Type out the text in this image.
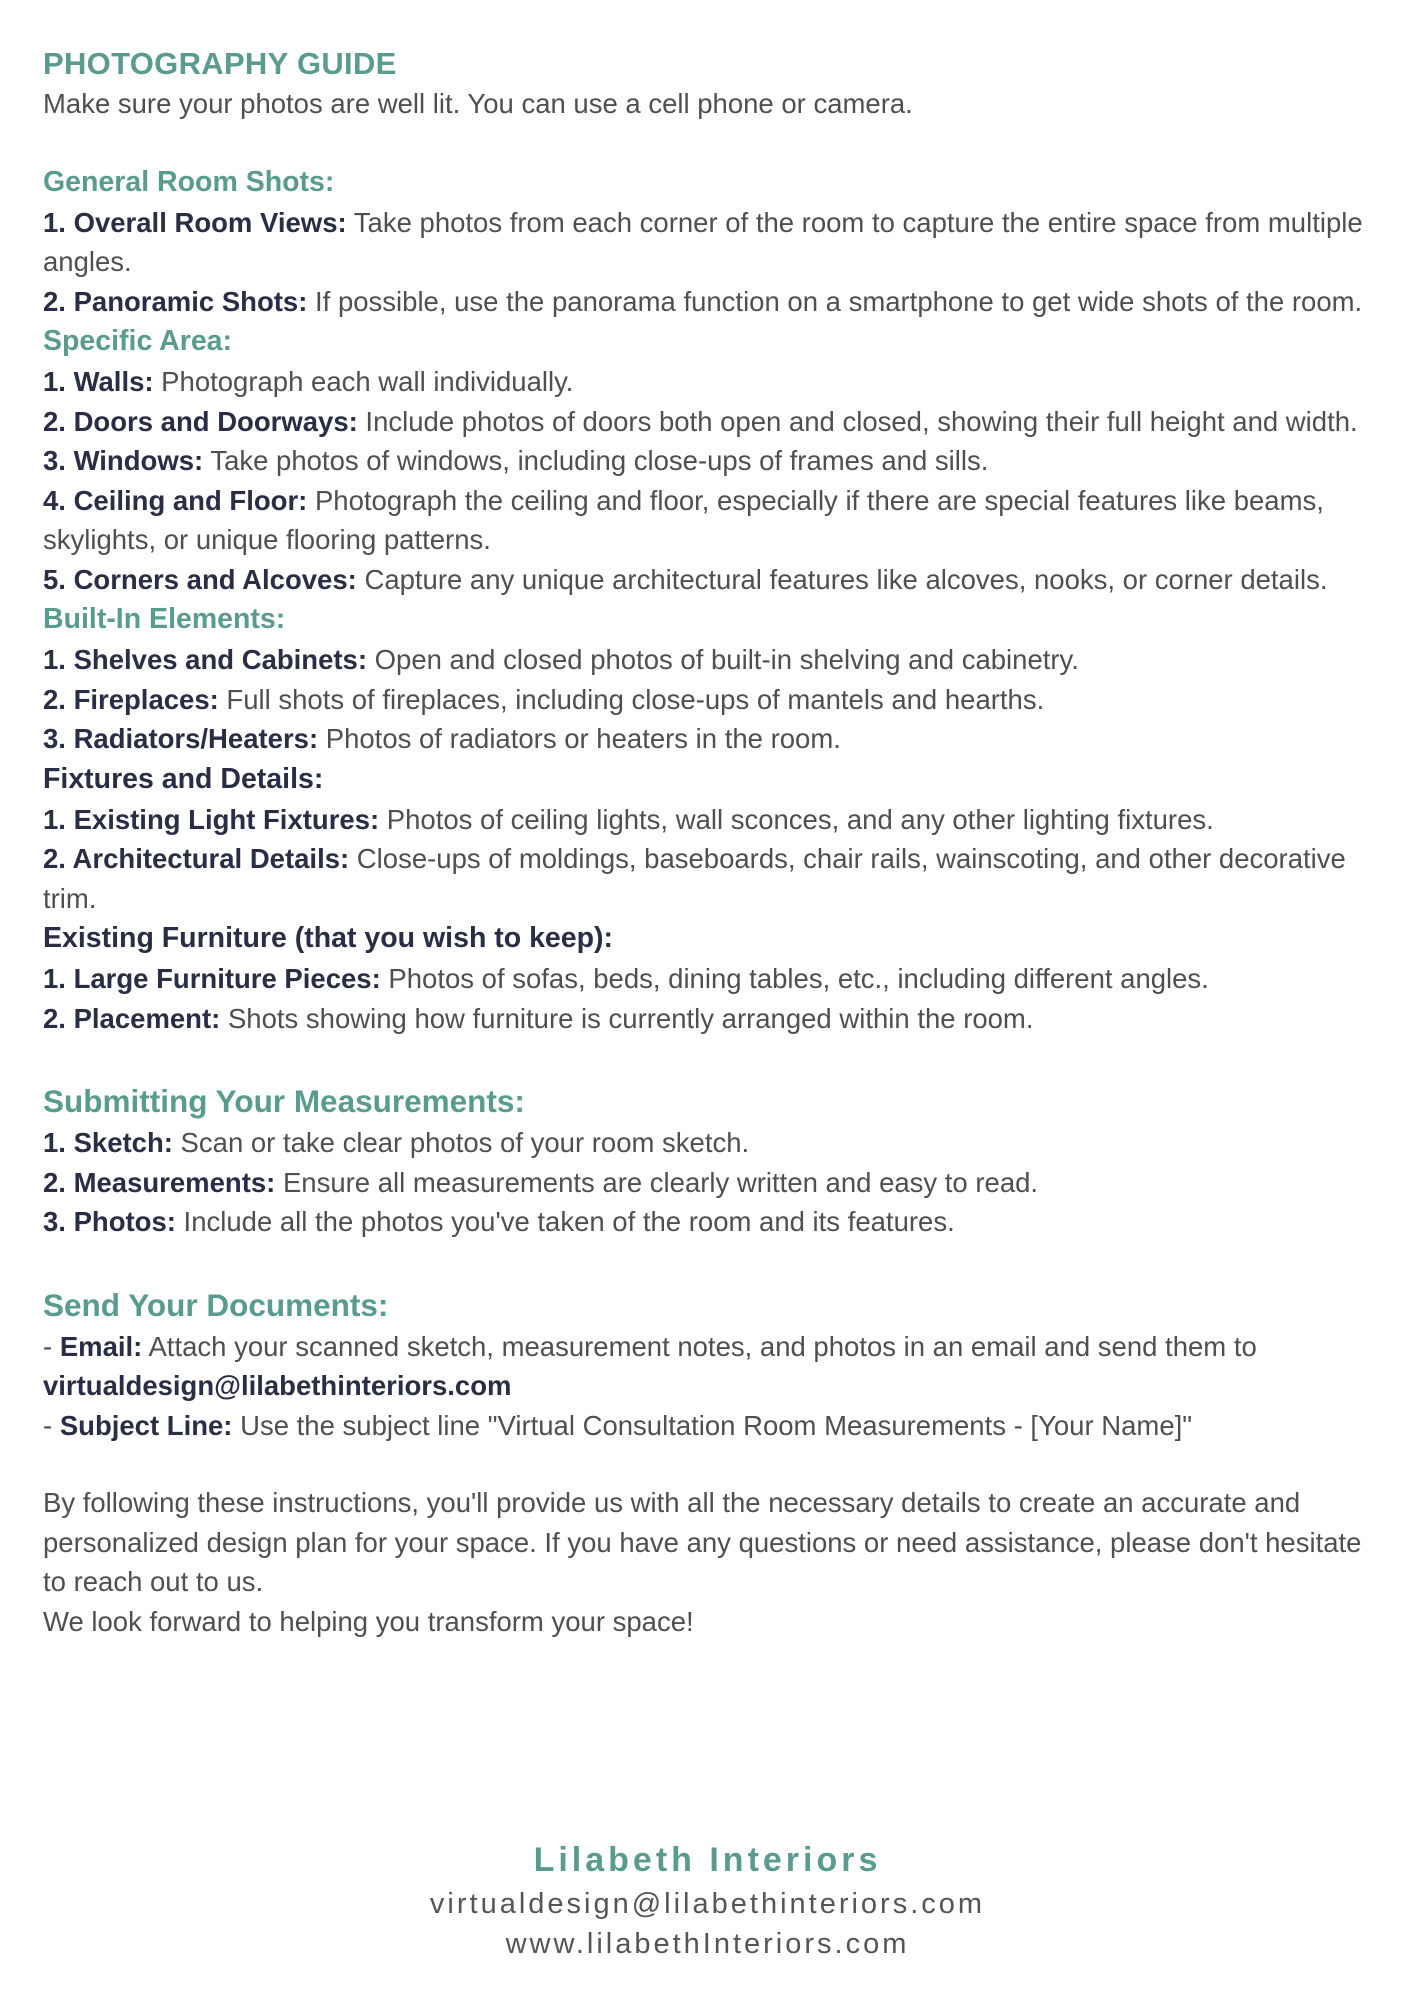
PHOTOGRAPHY GUIDE

Make sure your photos are well lit. You can use a cell phone or camera.

General Room Shots:

1. Overall Room Views: Take photos from each corner of the room to capture the entire space from multiple angles.

2. Panoramic Shots: If possible, use the panorama function on a smartphone to get wide shots of the room.

Specific Area:

1. Walls: Photograph each wall individually.

2. Doors and Doorways: Include photos of doors both open and closed, showing their full height and width.

3. Windows: Take photos of windows, including close-ups of frames and sills.

4. Ceiling and Floor: Photograph the ceiling and floor, especially if there are special features like beams, skylights, or unique flooring patterns.

5. Corners and Alcoves: Capture any unique architectural features like alcoves, nooks, or corner details.

Built-In Elements:

1. Shelves and Cabinets: Open and closed photos of built-in shelving and cabinetry.

2. Fireplaces: Full shots of fireplaces, including close-ups of mantels and hearths.

3. Radiators/Heaters: Photos of radiators or heaters in the room.

Fixtures and Details:

1. Existing Light Fixtures: Photos of ceiling lights, wall sconces, and any other lighting fixtures.

2. Architectural Details: Close-ups of moldings, baseboards, chair rails, wainscoting, and other decorative trim.

Existing Furniture (that you wish to keep):

1. Large Furniture Pieces: Photos of sofas, beds, dining tables, etc., including different angles.

2. Placement: Shots showing how furniture is currently arranged within the room.

Submitting Your Measurements:

1. Sketch: Scan or take clear photos of your room sketch.

2. Measurements: Ensure all measurements are clearly written and easy to read.

3. Photos: Include all the photos you've taken of the room and its features.

Send Your Documents:

- Email: Attach your scanned sketch, measurement notes, and photos in an email and send them to virtualdesign@lilabethinteriors.com

- Subject Line: Use the subject line "Virtual Consultation Room Measurements - [Your Name]"

By following these instructions, you'll provide us with all the necessary details to create an accurate and personalized design plan for your space. If you have any questions or need assistance, please don't hesitate to reach out to us.

We look forward to helping you transform your space!

Lilabeth Interiors
virtualdesign@lilabethinteriors.com
www.lilabethInteriors.com
